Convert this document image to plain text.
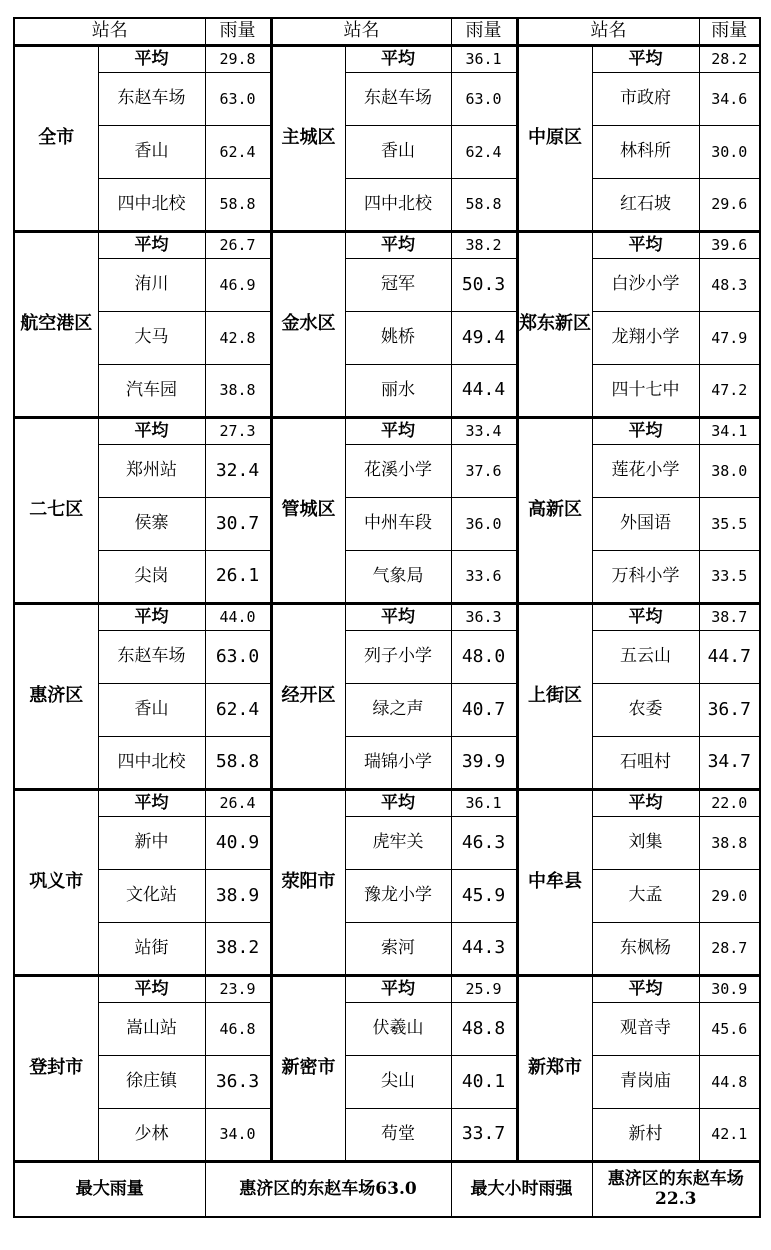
站名		雨量	站名		雨量	站名		雨量
全市	平均	29.8	主城区	平均	36.1	中原区	平均	28.2
	东赵车场	63.0		东赵车场	63.0		市政府	34.6
	香山	62.4		香山	62.4		林科所	30.0
	四中北校	58.8		四中北校	58.8		红石坡	29.6
航空港区	平均	26.7	金水区	平均	38.2	郑东新区	平均	39.6
	洧川	46.9		冠军	50.3		白沙小学	48.3
	大马	42.8		姚桥	49.4		龙翔小学	47.9
	汽车园	38.8		丽水	44.4		四十七中	47.2
二七区	平均	27.3	管城区	平均	33.4	高新区	平均	34.1
	郑州站	32.4		花溪小学	37.6		莲花小学	38.0
	侯寨	30.7		中州车段	36.0		外国语	35.5
	尖岗	26.1		气象局	33.6		万科小学	33.5
惠济区	平均	44.0	经开区	平均	36.3	上街区	平均	38.7
	东赵车场	63.0		列子小学	48.0		五云山	44.7
	香山	62.4		绿之声	40.7		农委	36.7
	四中北校	58.8		瑞锦小学	39.9		石咀村	34.7
巩义市	平均	26.4	荥阳市	平均	36.1	中牟县	平均	22.0
	新中	40.9		虎牢关	46.3		刘集	38.8
	文化站	38.9		豫龙小学	45.9		大孟	29.0
	站街	38.2		索河	44.3		东枫杨	28.7
登封市	平均	23.9	新密市	平均	25.9	新郑市	平均	30.9
	嵩山站	46.8		伏羲山	48.8		观音寺	45.6
	徐庄镇	36.3		尖山	40.1		青岗庙	44.8
	少林	34.0		苟堂	33.7		新村	42.1
最大雨量		惠济区的东赵车场63.0			最大小时雨强		惠济区的东赵车场22.3	
